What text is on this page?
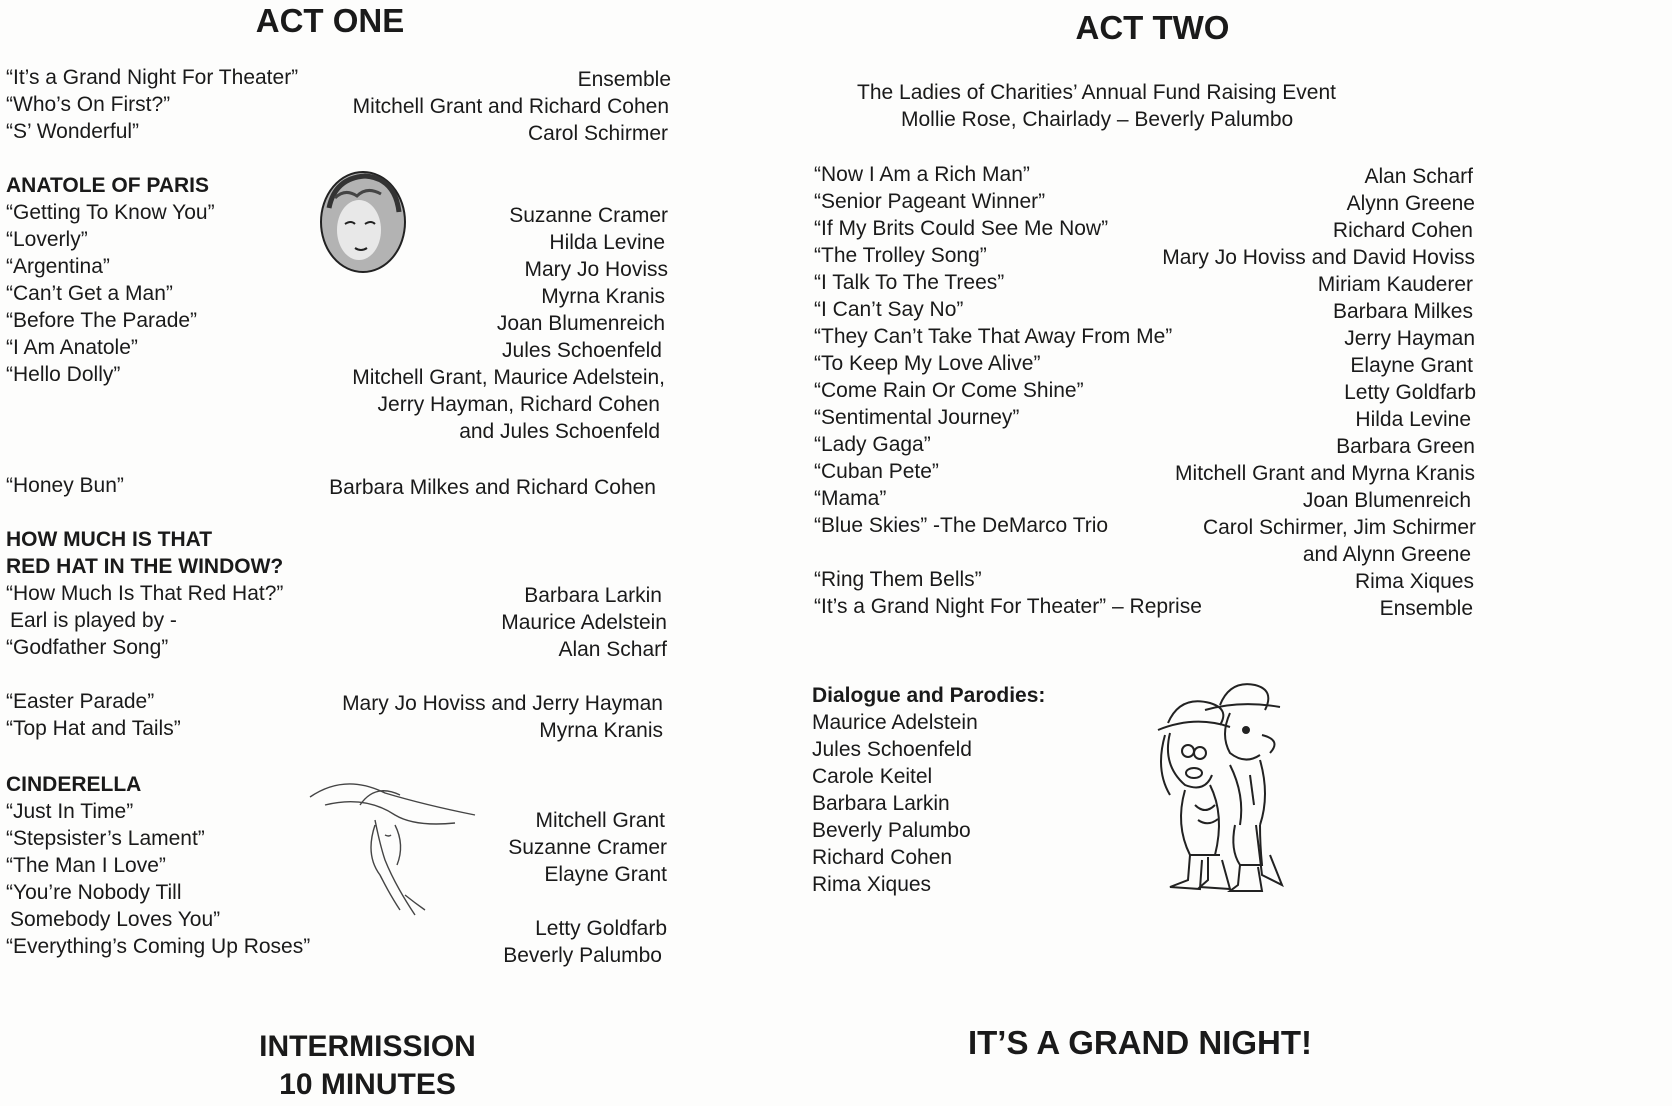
ACT ONE
“It’s a Grand Night For Theater”
“Who’s On First?”
“S’ Wonderful”
Ensemble
Mitchell Grant and Richard Cohen
Carol Schirmer
ANATOLE OF PARIS
“Getting To Know You”
“Loverly”
“Argentina”
“Can’t Get a Man”
“Before The Parade”
“I Am Anatole”
“Hello Dolly”
Suzanne Cramer
Hilda Levine
Mary Jo Hoviss
Myrna Kranis
Joan Blumenreich
Jules Schoenfeld
Mitchell Grant, Maurice Adelstein,
Jerry Hayman, Richard Cohen
and Jules Schoenfeld
“Honey Bun”	Barbara Milkes and Richard Cohen
HOW MUCH IS THAT
RED HAT IN THE WINDOW?
“How Much Is That Red Hat?”
Earl is played by -
“Godfather Song”
Barbara Larkin
Maurice Adelstein
Alan Scharf
“Easter Parade”
“Top Hat and Tails”
Mary Jo Hoviss and Jerry Hayman
Myrna Kranis
CINDERELLA
“Just In Time”
“Stepsister’s Lament”
“The Man I Love”
“You’re Nobody Till
Somebody Loves You”
“Everything’s Coming Up Roses”
Mitchell Grant
Suzanne Cramer
Elayne Grant
Letty Goldfarb
Beverly Palumbo
INTERMISSION
10 MINUTES
ACT TWO
The Ladies of Charities’ Annual Fund Raising Event
Mollie Rose, Chairlady – Beverly Palumbo
“Now I Am a Rich Man”
“Senior Pageant Winner”
“If My Brits Could See Me Now”
“The Trolley Song”
“I Talk To The Trees”
“I Can’t Say No”
“They Can’t Take That Away From Me”
“To Keep My Love Alive”
“Come Rain Or Come Shine”
“Sentimental Journey”
“Lady Gaga”
“Cuban Pete”
“Mama”
“Blue Skies” -The DeMarco Trio
“Ring Them Bells”
“It’s a Grand Night For Theater” – Reprise
Alan Scharf
Alynn Greene
Richard Cohen
Mary Jo Hoviss and David Hoviss
Miriam Kauderer
Barbara Milkes
Jerry Hayman
Elayne Grant
Letty Goldfarb
Hilda Levine
Barbara Green
Mitchell Grant and Myrna Kranis
Joan Blumenreich
Carol Schirmer, Jim Schirmer
and Alynn Greene
Rima Xiques
Ensemble
Dialogue and Parodies:
Maurice Adelstein
Jules Schoenfeld
Carole Keitel
Barbara Larkin
Beverly Palumbo
Richard Cohen
Rima Xiques
IT’S A GRAND NIGHT!
